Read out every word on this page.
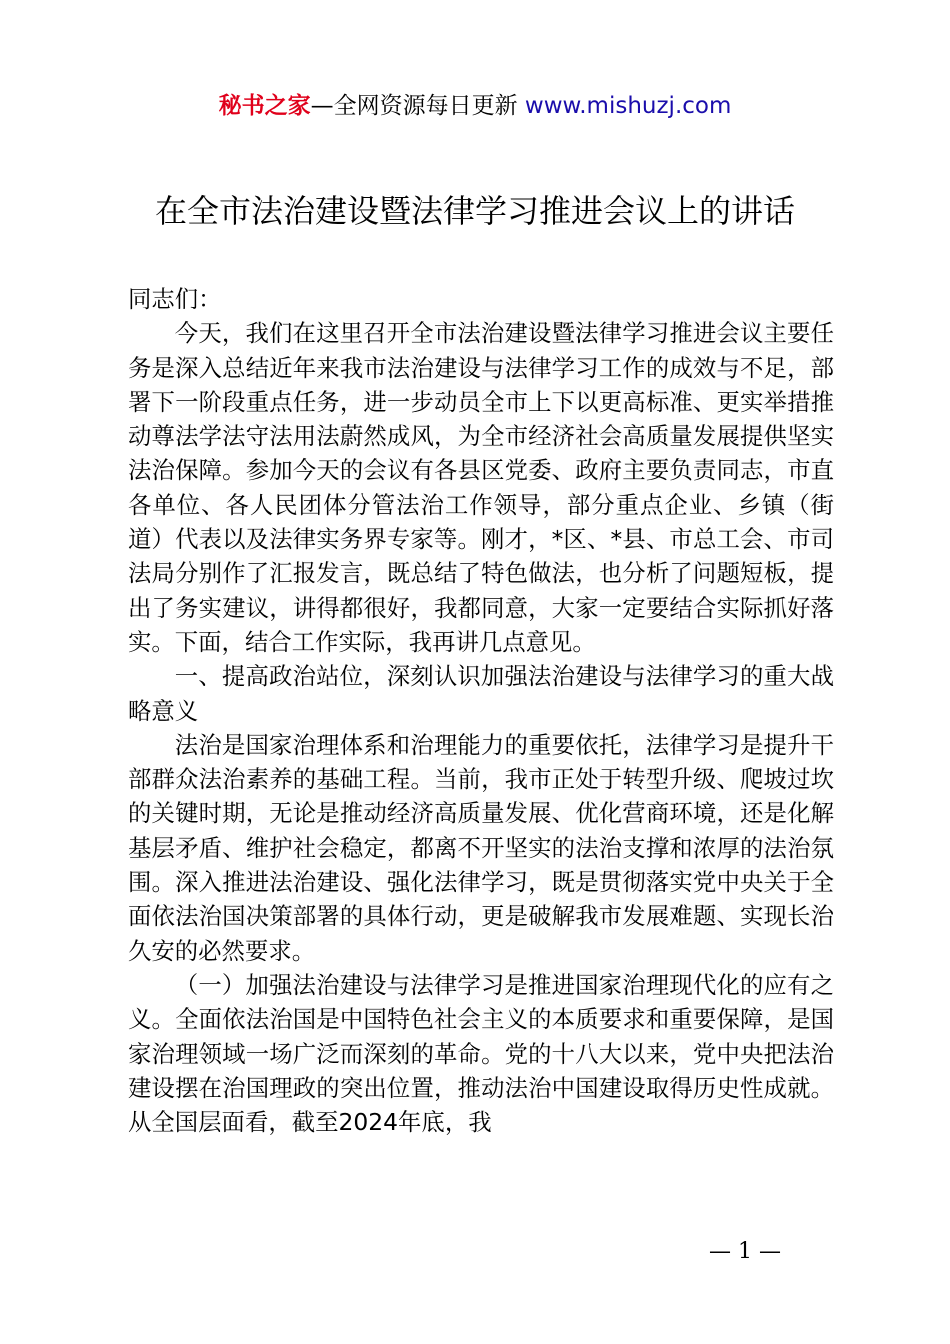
秘书之家—全网资源每日更新 www.mishuzj.com
在全市法治建设暨法律学习推进会议上的讲话

同志们：

今天，我们在这里召开全市法治建设暨法律学习推进会议主要任务是深入总结近年来我市法治建设与法律学习工作的成效与不足，部署下一阶段重点任务，进一步动员全市上下以更高标准、更实举措推动尊法学法守法用法蔚然成风，为全市经济社会高质量发展提供坚实法治保障。参加今天的会议有各县区党委、政府主要负责同志，市直各单位、各人民团体分管法治工作领导，部分重点企业、乡镇（街道）代表以及法律实务界专家等。刚才，*区、*县、市总工会、市司法局分别作了汇报发言，既总结了特色做法，也分析了问题短板，提出了务实建议，讲得都很好，我都同意，大家一定要结合实际抓好落实。下面，结合工作实际，我再讲几点意见。

一、提高政治站位，深刻认识加强法治建设与法律学习的重大战略意义

法治是国家治理体系和治理能力的重要依托，法律学习是提升干部群众法治素养的基础工程。当前，我市正处于转型升级、爬坡过坎的关键时期，无论是推动经济高质量发展、优化营商环境，还是化解基层矛盾、维护社会稳定，都离不开坚实的法治支撑和浓厚的法治氛围。深入推进法治建设、强化法律学习，既是贯彻落实党中央关于全面依法治国决策部署的具体行动，更是破解我市发展难题、实现长治久安的必然要求。

（一）加强法治建设与法律学习是推进国家治理现代化的应有之义。全面依法治国是中国特色社会主义的本质要求和重要保障，是国家治理领域一场广泛而深刻的革命。党的十八大以来，党中央把法治建设摆在治国理政的突出位置，推动法治中国建设取得历史性成就。从全国层面看，截至2024年底，我

— 1 —
